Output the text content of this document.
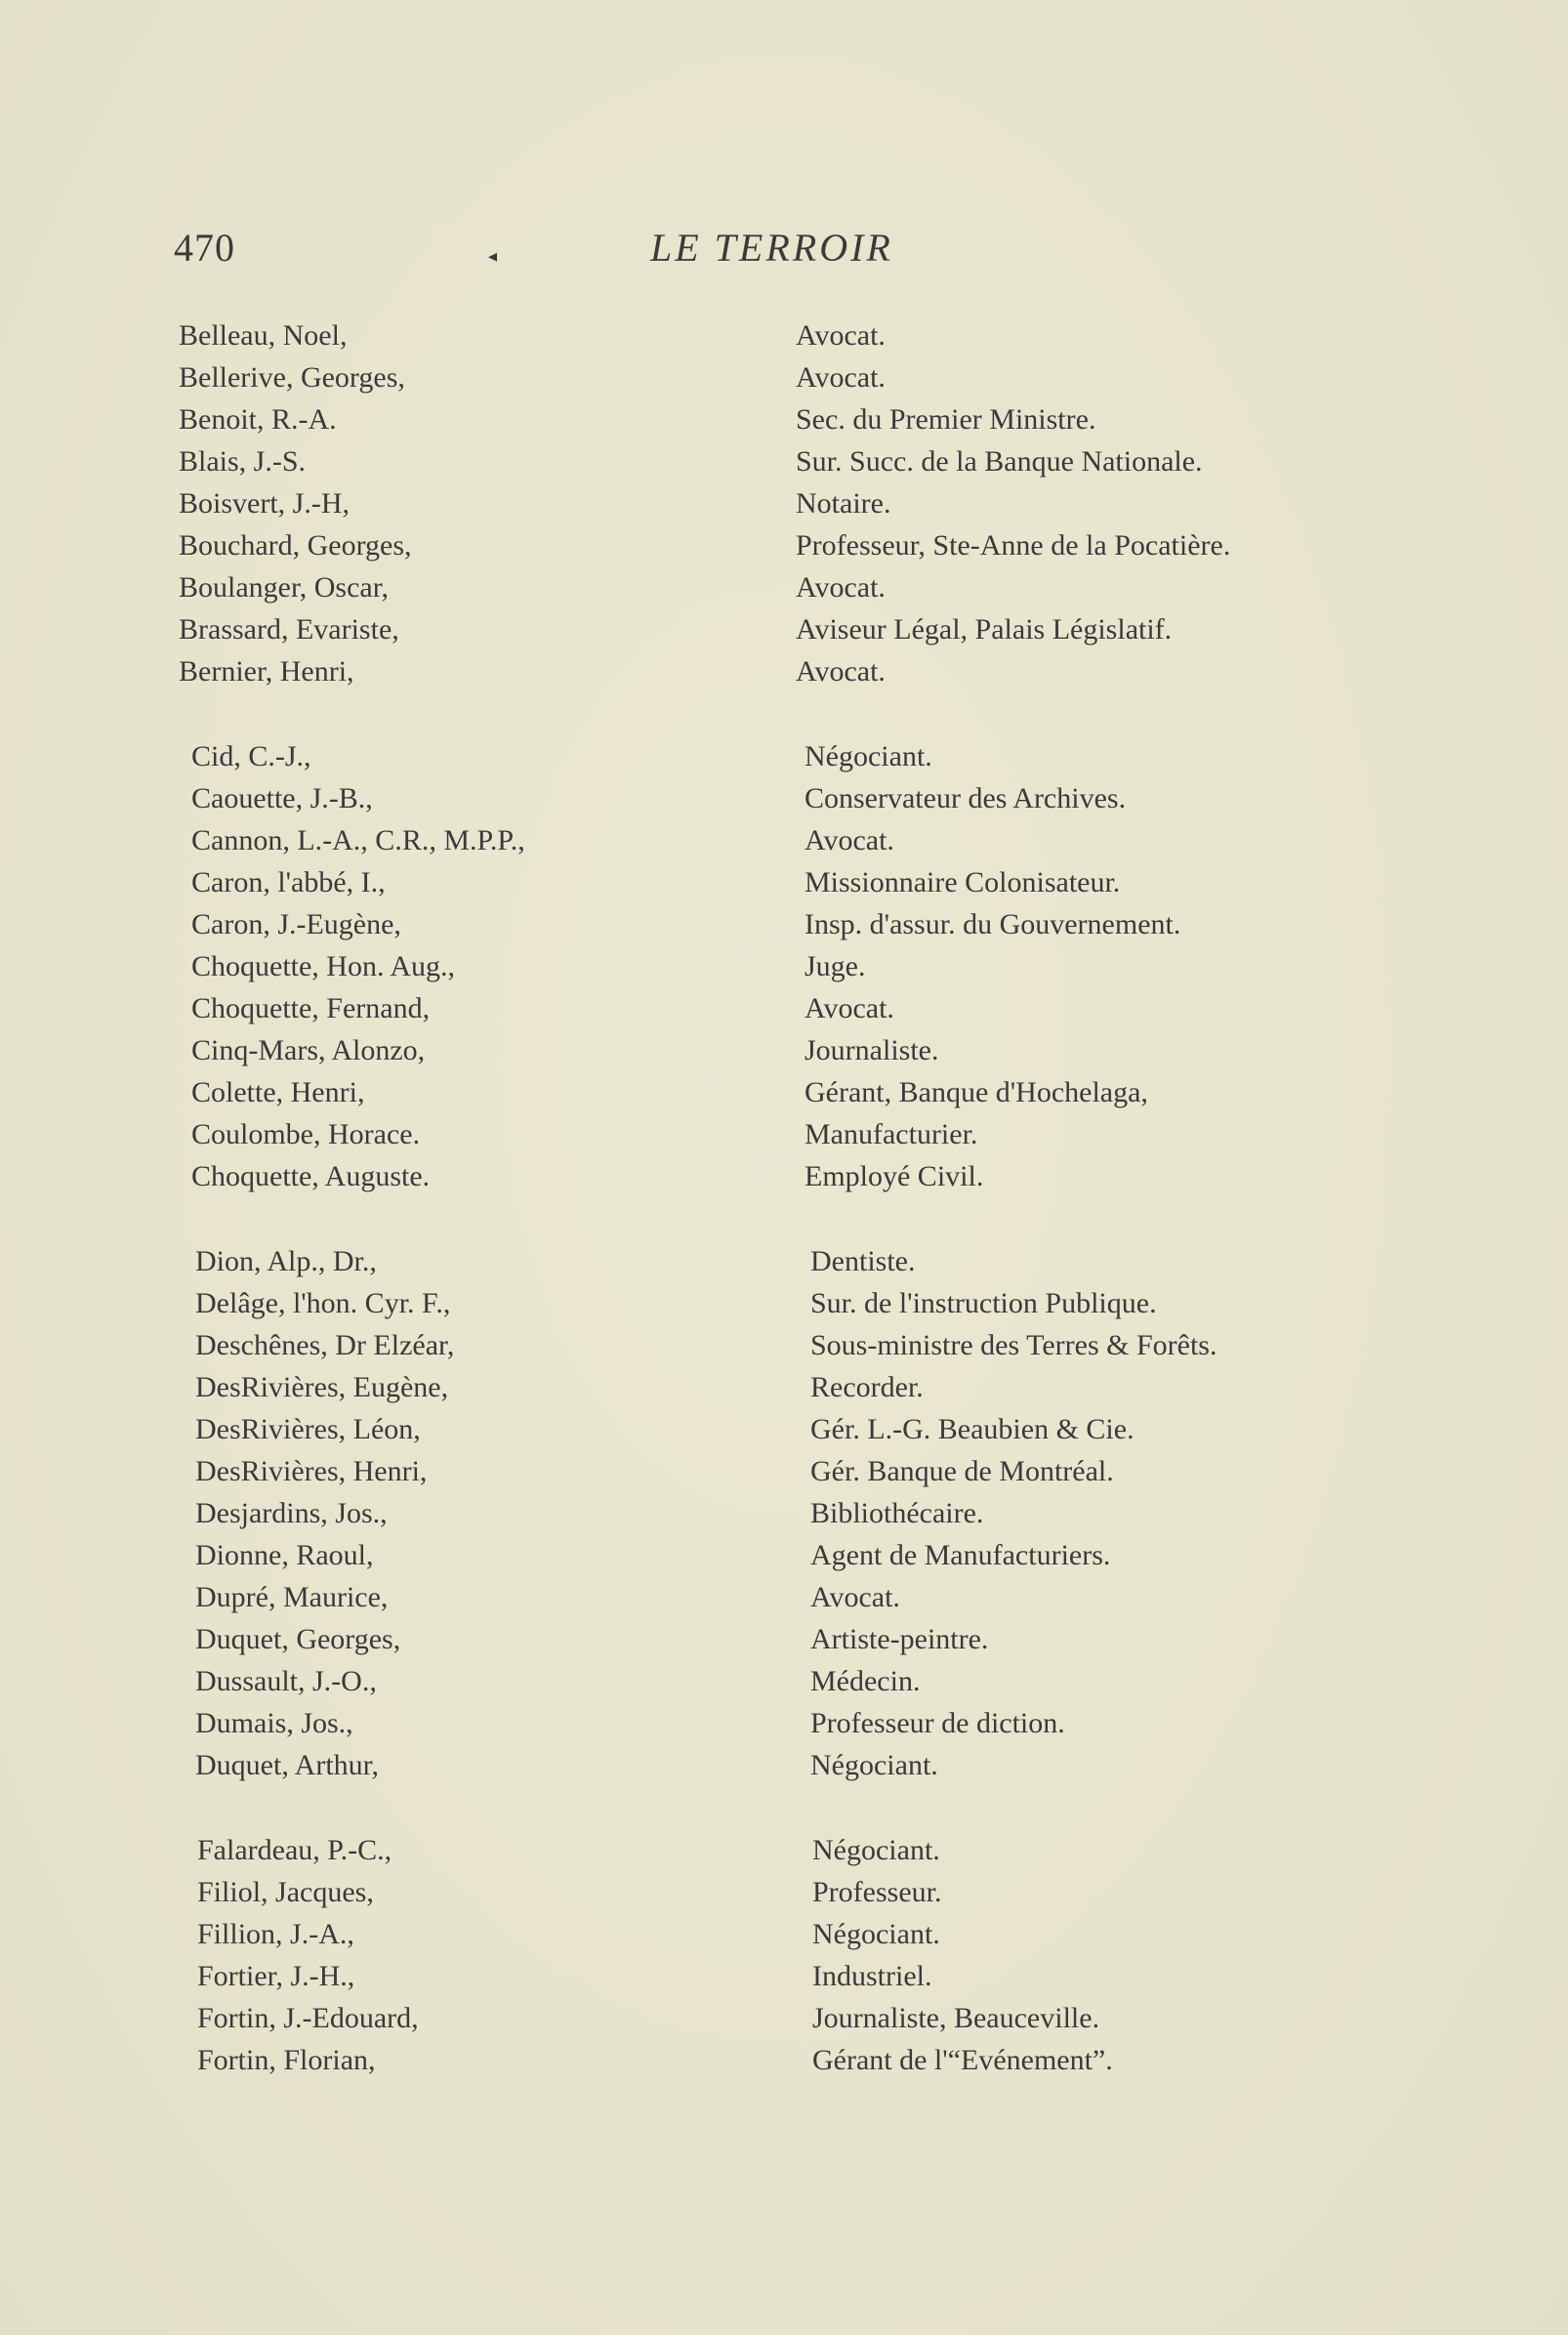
470	◂	LE TERROIR
Belleau, Noel,	Avocat.
Bellerive, Georges,	Avocat.
Benoit, R.-A.	Sec. du Premier Ministre.
Blais, J.-S.	Sur. Succ. de la Banque Nationale.
Boisvert, J.-H,	Notaire.
Bouchard, Georges,	Professeur, Ste-Anne de la Pocatière.
Boulanger, Oscar,	Avocat.
Brassard, Evariste,	Aviseur Légal, Palais Législatif.
Bernier, Henri,	Avocat.
Cid, C.-J.,	Négociant.
Caouette, J.-B.,	Conservateur des Archives.
Cannon, L.-A., C.R., M.P.P.,	Avocat.
Caron, l'abbé, I.,	Missionnaire Colonisateur.
Caron, J.-Eugène,	Insp. d'assur. du Gouvernement.
Choquette, Hon. Aug.,	Juge.
Choquette, Fernand,	Avocat.
Cinq-Mars, Alonzo,	Journaliste.
Colette, Henri,	Gérant, Banque d'Hochelaga,
Coulombe, Horace.	Manufacturier.
Choquette, Auguste.	Employé Civil.
Dion, Alp., Dr.,	Dentiste.
Delâge, l'hon. Cyr. F.,	Sur. de l'instruction Publique.
Deschênes, Dr Elzéar,	Sous-ministre des Terres & Forêts.
DesRivières, Eugène,	Recorder.
DesRivières, Léon,	Gér. L.-G. Beaubien & Cie.
DesRivières, Henri,	Gér. Banque de Montréal.
Desjardins, Jos.,	Bibliothécaire.
Dionne, Raoul,	Agent de Manufacturiers.
Dupré, Maurice,	Avocat.
Duquet, Georges,	Artiste-peintre.
Dussault, J.-O.,	Médecin.
Dumais, Jos.,	Professeur de diction.
Duquet, Arthur,	Négociant.
Falardeau, P.-C.,	Négociant.
Filiol, Jacques,	Professeur.
Fillion, J.-A.,	Négociant.
Fortier, J.-H.,	Industriel.
Fortin, J.-Edouard,	Journaliste, Beauceville.
Fortin, Florian,	Gérant de l'“Evénement”.
